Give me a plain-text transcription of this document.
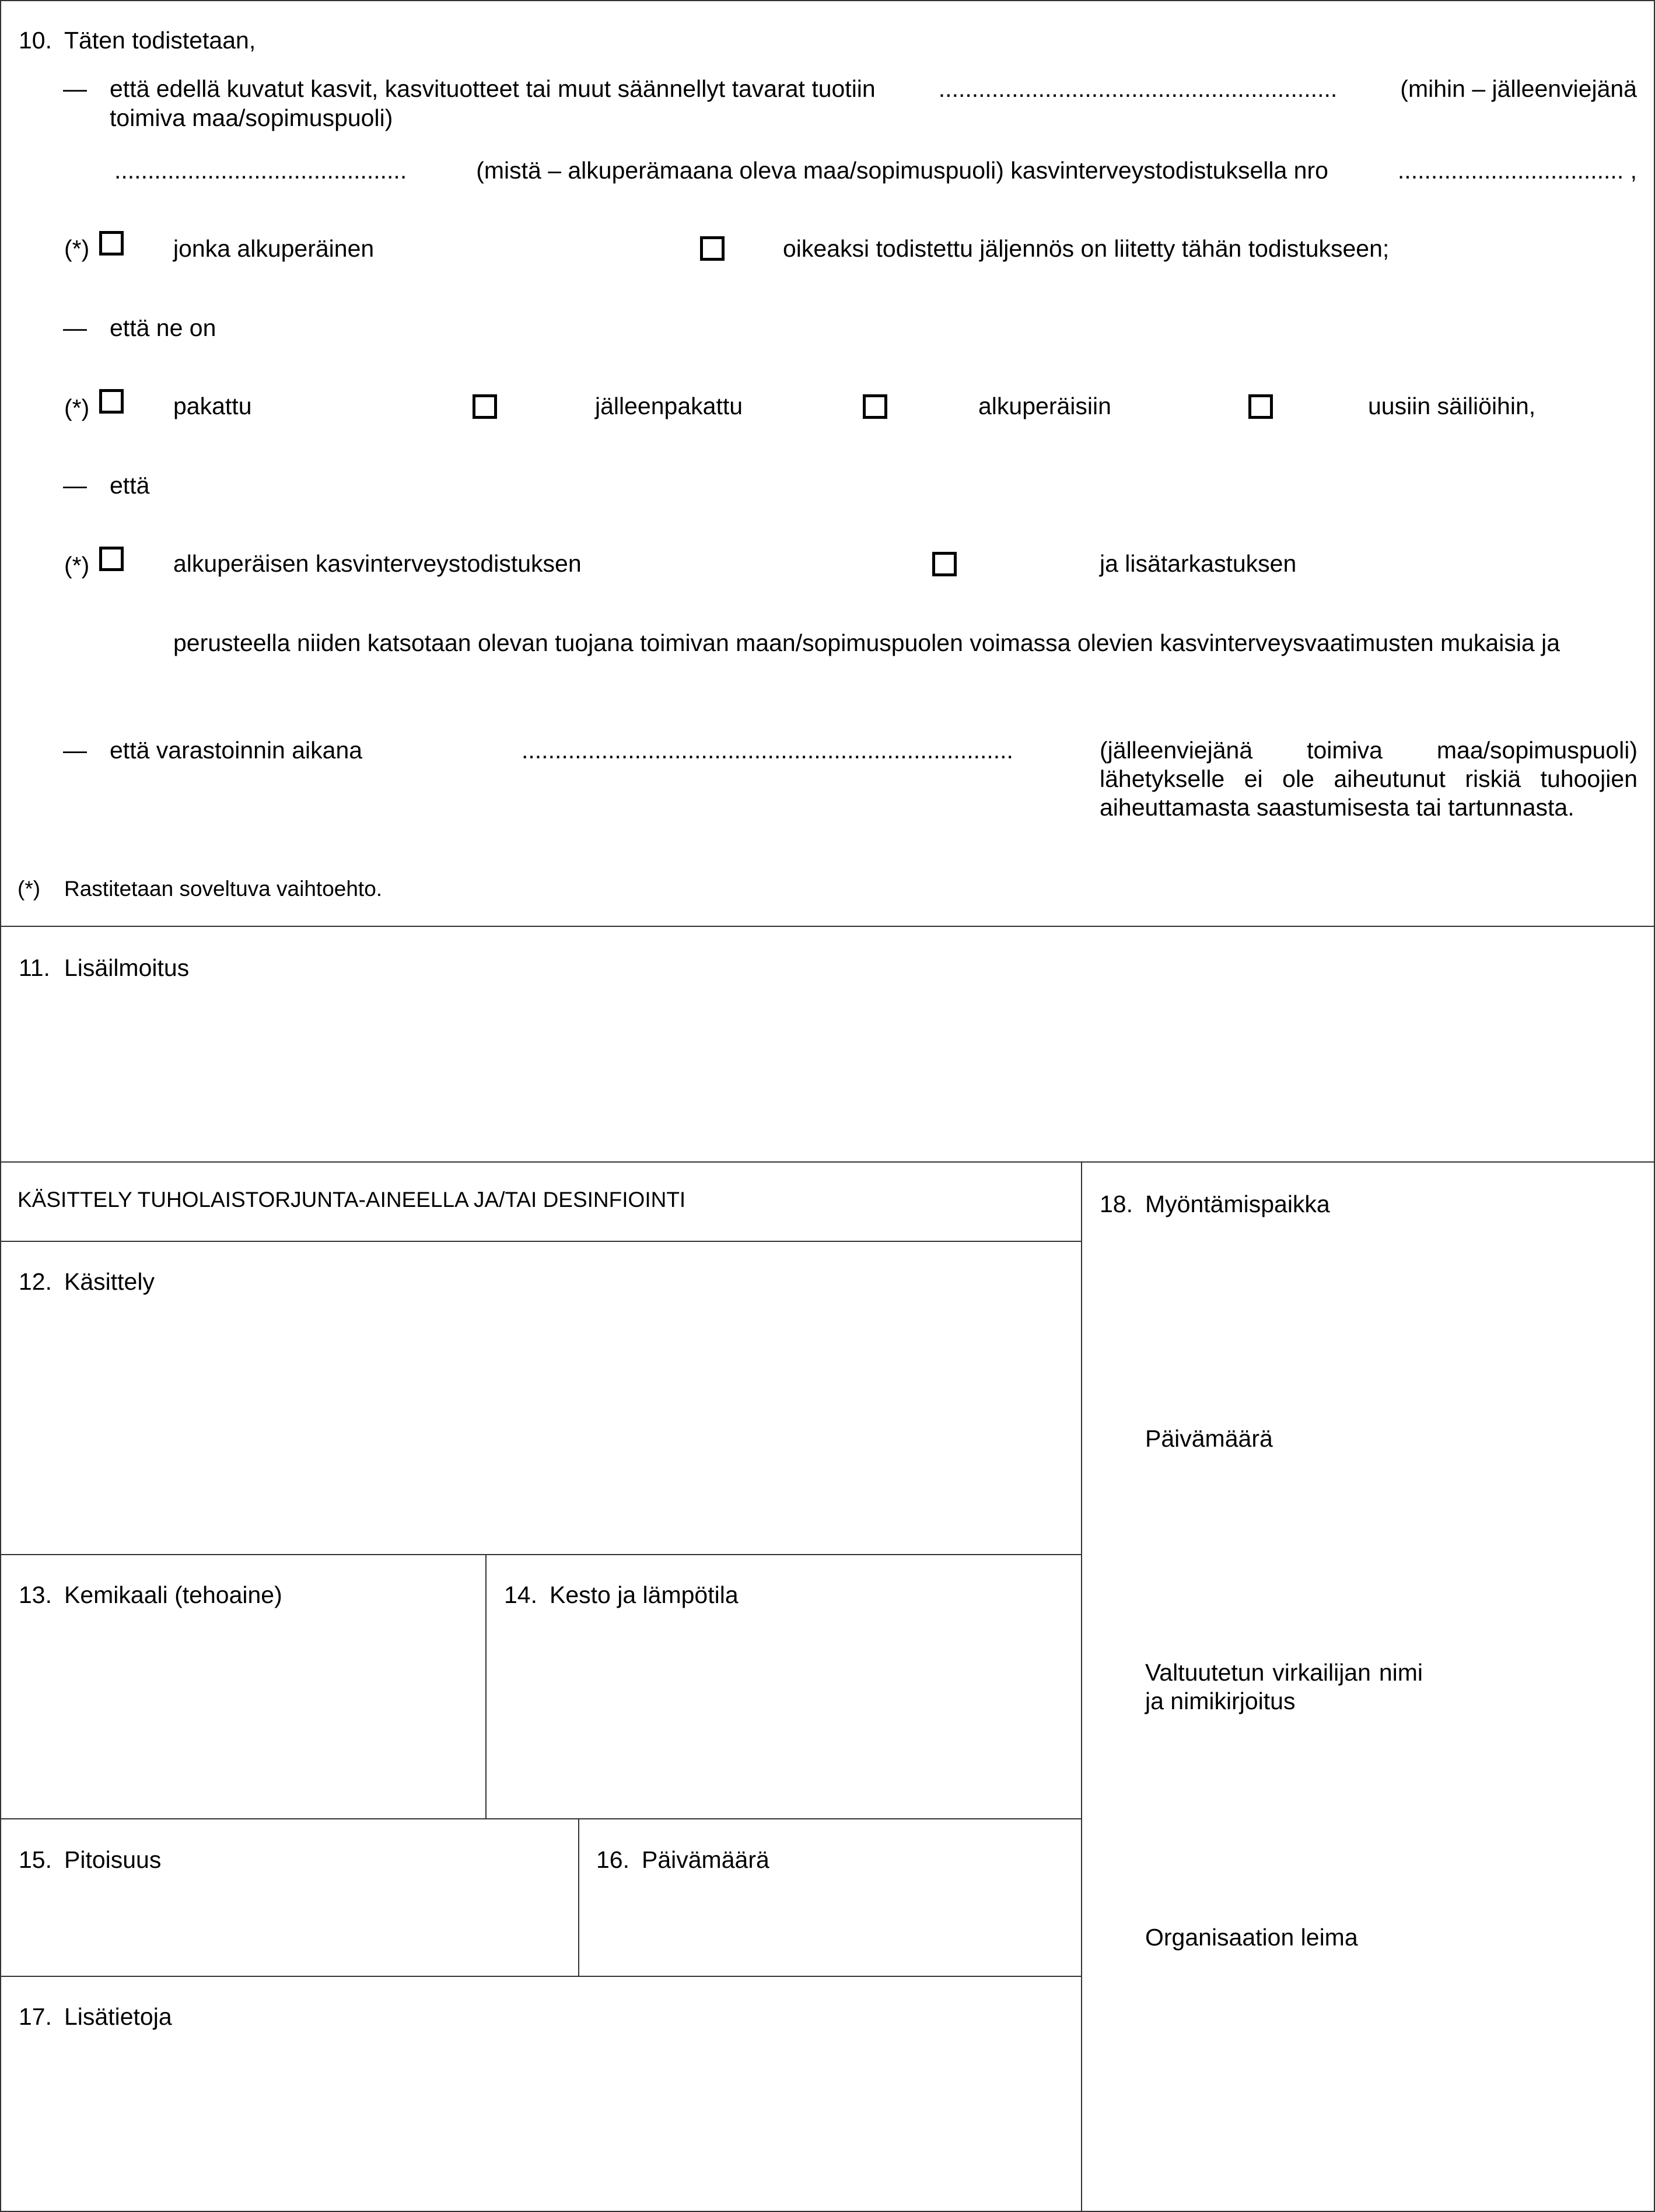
10. Täten todistetaan,
— että edellä kuvatut kasvit, kasvituotteet tai muut säännellyt tavarat tuotiin	............................................................	(mihin – jälleenviejänä
toimiva maa/sopimuspuoli)
............................................	(mistä – alkuperämaana oleva maa/sopimuspuoli) kasvinterveystodistuksella nro	.................................. ,
(*)	jonka alkuperäinen	oikeaksi todistettu jäljennös on liitetty tähän todistukseen;
— että ne on
(*)	pakattu	jälleenpakattu	alkuperäisiin	uusiin säiliöihin,
— että
(*)	alkuperäisen kasvinterveystodistuksen	ja lisätarkastuksen
perusteella niiden katsotaan olevan tuojana toimivan maan/sopimuspuolen voimassa olevien kasvinterveysvaatimusten mukaisia ja
— että varastoinnin aikana	..........................................................................	(jälleenviejänä toimiva maa/sopimuspuoli) lähetykselle ei ole aiheutunut riskiä tuhoojien aiheuttamasta saastumisesta tai tartunnasta.
(*) Rastitetaan soveltuva vaihtoehto.
11. Lisäilmoitus
KÄSITTELY TUHOLAISTORJUNTA-AINEELLA JA/TAI DESINFIOINTI
12. Käsittely
13. Kemikaali (tehoaine)	14. Kesto ja lämpötila
15. Pitoisuus	16. Päivämäärä
17. Lisätietoja
18. Myöntämispaikka
Päivämäärä
Valtuutetun virkailijan nimi ja nimikirjoitus
Organisaation leima
